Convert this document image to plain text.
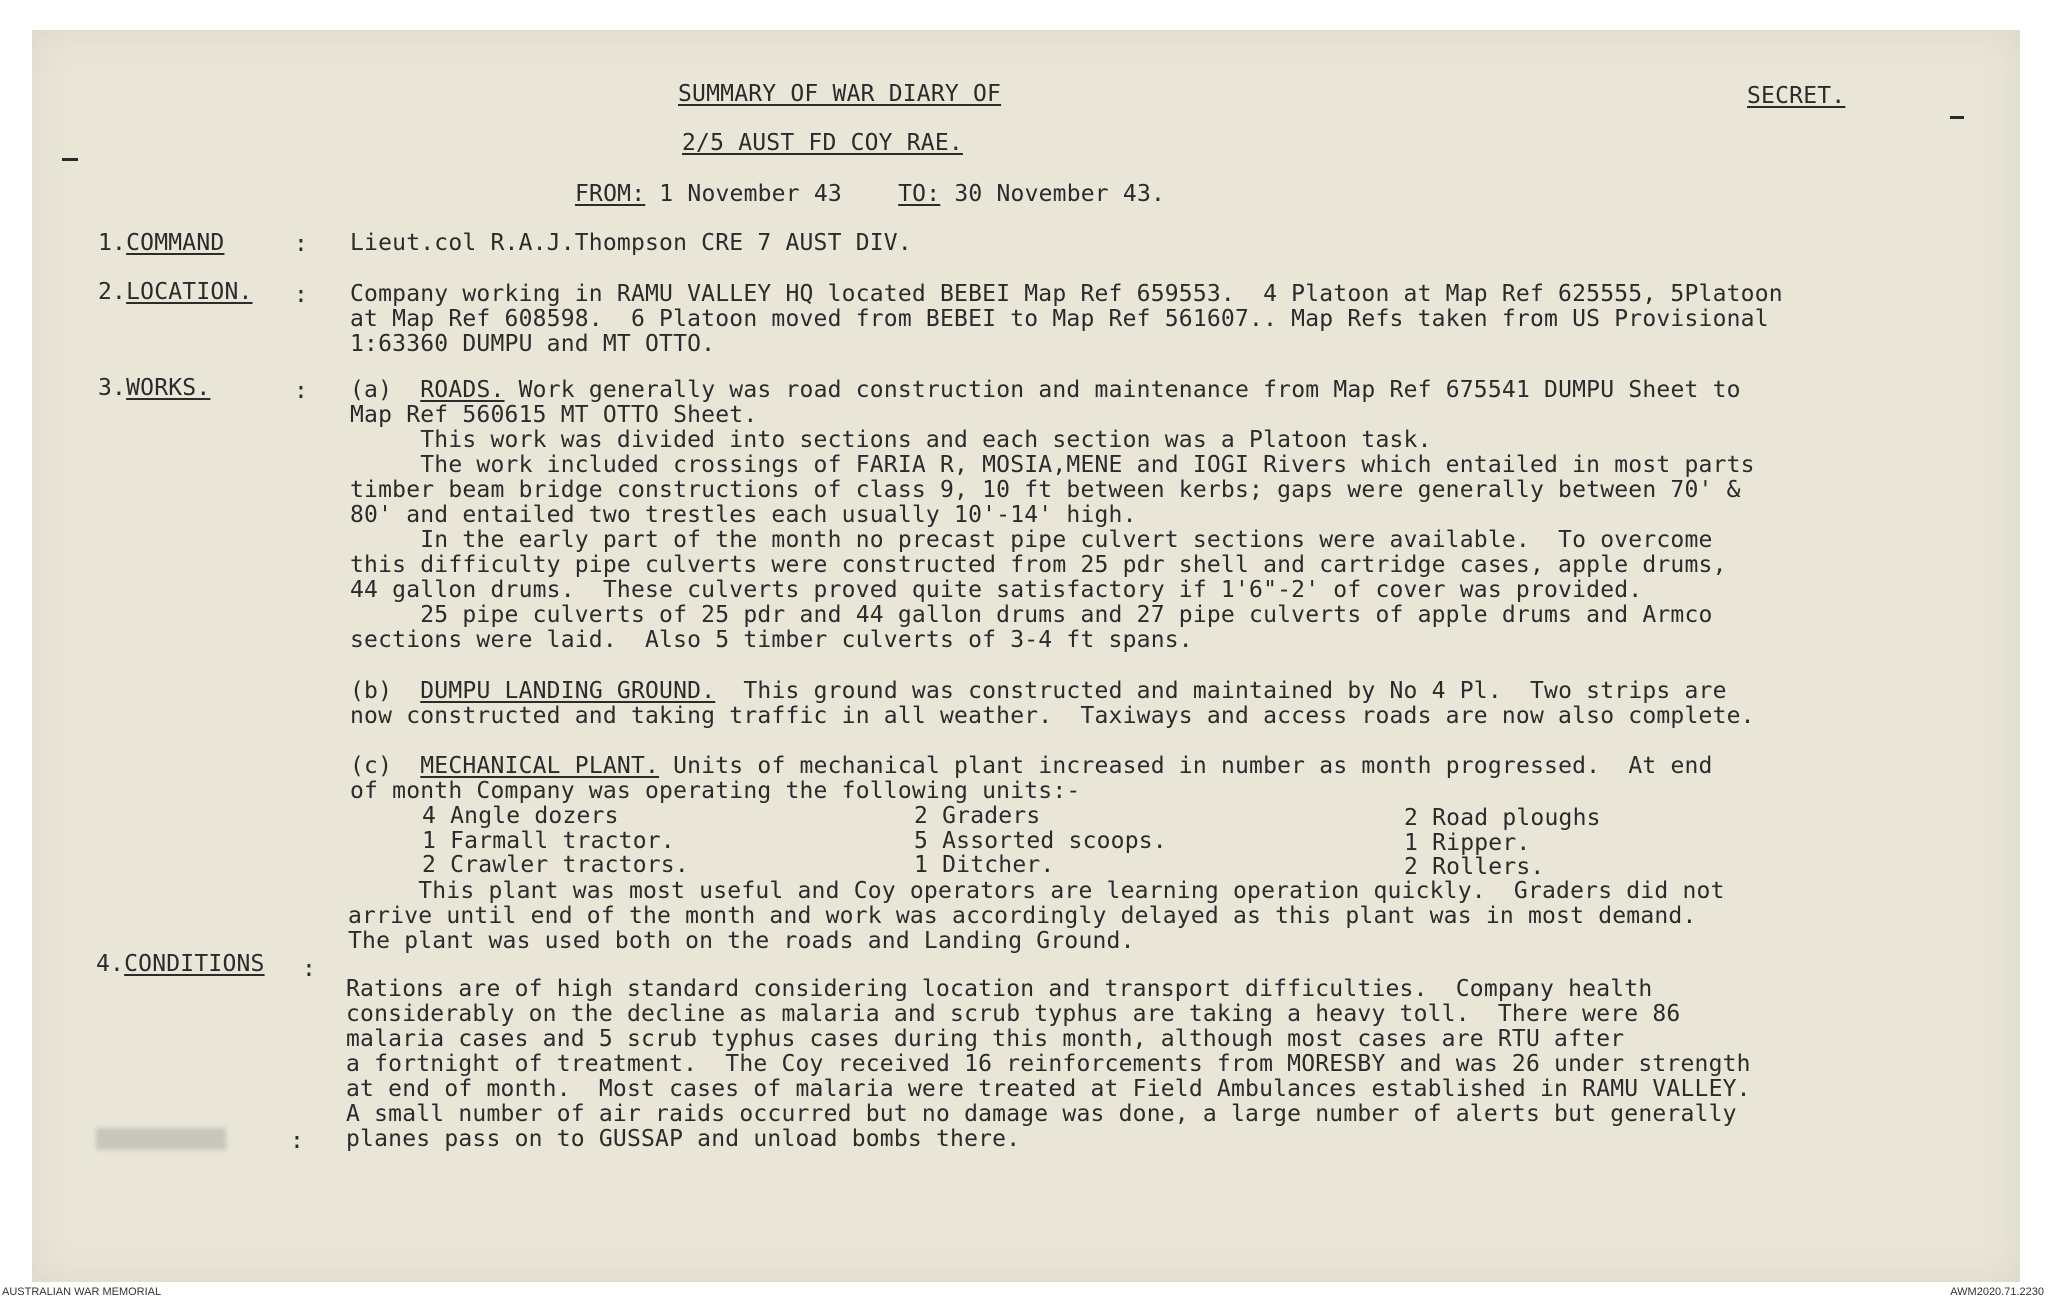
SUMMARY OF WAR DIARY OF	SECRET.
2/5 AUST FD COY RAE.
FROM: 1 November 43 TO: 30 November 43.
1.COMMAND	: Lieut.col R.A.J.Thompson CRE 7 AUST DIV.
2.LOCATION. : Company working in RAMU VALLEY HQ located BEBEI Map Ref 659553.  4 Platoon at Map Ref 625555, 5Platoon
at Map Ref 608598.  6 Platoon moved from BEBEI to Map Ref 561607.. Map Refs taken from US Provisional
1:63360 DUMPU and MT OTTO.
3.WORKS.	: (a)  ROADS. Work generally was road construction and maintenance from Map Ref 675541 DUMPU Sheet to
Map Ref 560615 MT OTTO Sheet.
This work was divided into sections and each section was a Platoon task.
The work included crossings of FARIA R, MOSIA,MENE and IOGI Rivers which entailed in most parts
timber beam bridge constructions of class 9, 10 ft between kerbs; gaps were generally between 70' &
80' and entailed two trestles each usually 10'-14' high.
In the early part of the month no precast pipe culvert sections were available.  To overcome
this difficulty pipe culverts were constructed from 25 pdr shell and cartridge cases, apple drums,
44 gallon drums.  These culverts proved quite satisfactory if 1'6"-2' of cover was provided.
25 pipe culverts of 25 pdr and 44 gallon drums and 27 pipe culverts of apple drums and Armco
sections were laid.  Also 5 timber culverts of 3-4 ft spans.
(b)  DUMPU LANDING GROUND.  This ground was constructed and maintained by No 4 Pl.  Two strips are
now constructed and taking traffic in all weather.  Taxiways and access roads are now also complete.
(c)  MECHANICAL PLANT. Units of mechanical plant increased in number as month progressed.  At end
of month Company was operating the following units:-
4 Angle dozers	2 Graders	2 Road ploughs
1 Farmall tractor.	5 Assorted scoops.	1 Ripper.
2 Crawler tractors.	1 Ditcher.	2 Rollers.
This plant was most useful and Coy operators are learning operation quickly.  Graders did not
arrive until end of the month and work was accordingly delayed as this plant was in most demand.
The plant was used both on the roads and Landing Ground.
4.CONDITIONS :
Rations are of high standard considering location and transport difficulties.  Company health
considerably on the decline as malaria and scrub typhus are taking a heavy toll.  There were 86
malaria cases and 5 scrub typhus cases during this month, although most cases are RTU after
a fortnight of treatment.  The Coy received 16 reinforcements from MORESBY and was 26 under strength
at end of month.  Most cases of malaria were treated at Field Ambulances established in RAMU VALLEY.
A small number of air raids occurred but no damage was done, a large number of alerts but generally
planes pass on to GUSSAP and unload bombs there.
:
AUSTRALIAN WAR MEMORIAL	AWM2020.71.2230
